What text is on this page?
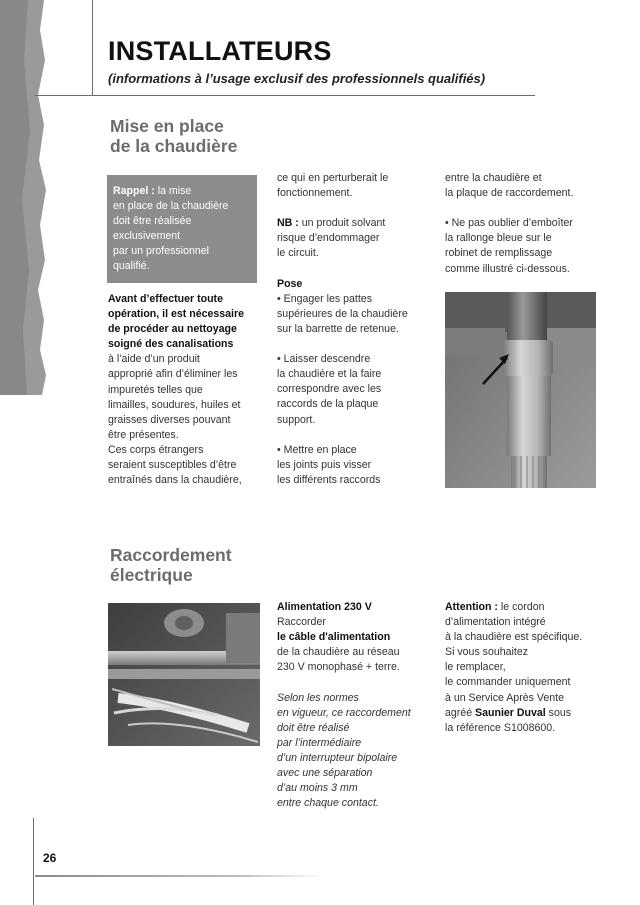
INSTALLATEURS
(informations à l’usage exclusif des professionnels qualifiés)
Mise en place
de la chaudière
Rappel : la mise
en place de la chaudière
doit être réalisée
exclusivement
par un professionnel
qualifié.
Avant d’effectuer toute
opération, il est nécessaire
de procéder au nettoyage
soigné des canalisations
à l’aide d’un produit
approprié afin d’éliminer les
impuretés telles que
limailles, soudures, huiles et
graisses diverses pouvant
être présentes.
Ces corps étrangers
seraient susceptibles d’être
entraînés dans la chaudière,
ce qui en perturberait le
fonctionnement.
NB : un produit solvant
risque d’endommager
le circuit.
Pose
• Engager les pattes
supérieures de la chaudière
sur la barrette de retenue.
• Laisser descendre
la chaudière et la faire
correspondre avec les
raccords de la plaque
support.
• Mettre en place
les joints puis visser
les différents raccords
entre la chaudière et
la plaque de raccordement.
• Ne pas oublier d’emboîter
la rallonge bleue sur le
robinet de remplissage
comme illustré ci-dessous.
Raccordement
électrique
Alimentation 230 V
Raccorder
le câble d'alimentation
de la chaudière au réseau
230 V monophasé + terre.
Selon les normes
en vigueur, ce raccordement
doit être réalisé
par l’intermédiaire
d’un interrupteur bipolaire
avec une séparation
d’au moins 3 mm
entre chaque contact.
Attention : le cordon
d’alimentation intégré
à la chaudière est spécifique.
Si vous souhaitez
le remplacer,
le commander uniquement
à un Service Après Vente
agréé Saunier Duval sous
la référence S1008600.
26
